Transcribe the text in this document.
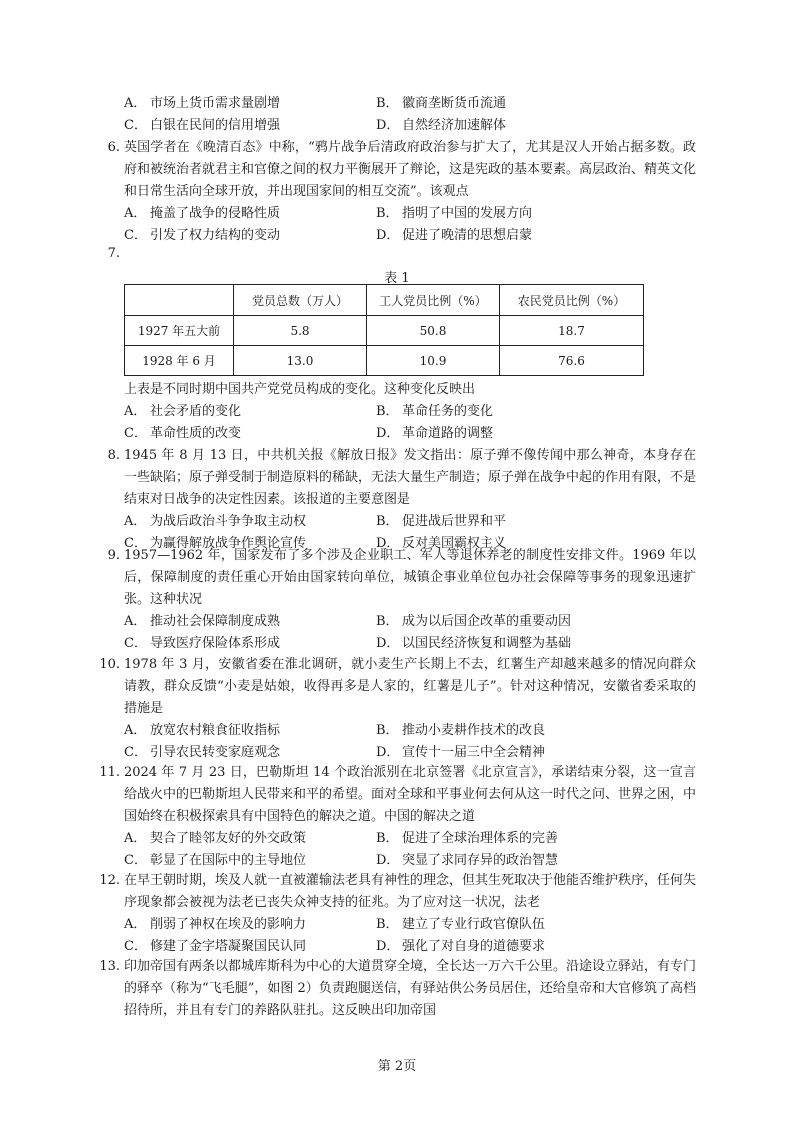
A． 市场上货币需求量剧增	B． 徽商垄断货币流通
C． 白银在民间的信用增强	D． 自然经济加速解体
6. 英国学者在《晚清百态》中称，“鸦片战争后清政府政治参与扩大了，尤其是汉人开始占据多数。政府和被统治者就君主和官僚之间的权力平衡展开了辩论，这是宪政的基本要素。高层政治、精英文化和日常生活向全球开放，并出现国家间的相互交流”。该观点
A． 掩盖了战争的侵略性质	B． 指明了中国的发展方向
C． 引发了权力结构的变动	D． 促进了晚清的思想启蒙
7.
表 1
	党员总数（万人）	工人党员比例（%）	农民党员比例（%）
1927 年五大前	5.8	50.8	18.7
1928 年 6 月	13.0	10.9	76.6
上表是不同时期中国共产党党员构成的变化。这种变化反映出
A． 社会矛盾的变化	B． 革命任务的变化
C． 革命性质的改变	D． 革命道路的调整
8. 1945 年 8 月 13 日，中共机关报《解放日报》发文指出：原子弹不像传闻中那么神奇，本身存在一些缺陷；原子弹受制于制造原料的稀缺，无法大量生产制造；原子弹在战争中起的作用有限，不是结束对日战争的决定性因素。该报道的主要意图是
A． 为战后政治斗争争取主动权	B． 促进战后世界和平
C． 为赢得解放战争作舆论宣传	D． 反对美国霸权主义
9. 1957—1962 年，国家发布了多个涉及企业职工、军人等退休养老的制度性安排文件。1969 年以后，保障制度的责任重心开始由国家转向单位，城镇企事业单位包办社会保障等事务的现象迅速扩张。这种状况
A． 推动社会保障制度成熟	B． 成为以后国企改革的重要动因
C． 导致医疗保险体系形成	D． 以国民经济恢复和调整为基础
10. 1978 年 3 月，安徽省委在淮北调研，就小麦生产长期上不去，红薯生产却越来越多的情况向群众请教，群众反馈“小麦是姑娘，收得再多是人家的，红薯是儿子”。针对这种情况，安徽省委采取的措施是
A． 放宽农村粮食征收指标	B． 推动小麦耕作技术的改良
C． 引导农民转变家庭观念	D． 宣传十一届三中全会精神
11. 2024 年 7 月 23 日，巴勒斯坦 14 个政治派别在北京签署《北京宣言》，承诺结束分裂，这一宣言给战火中的巴勒斯坦人民带来和平的希望。面对全球和平事业何去何从这一时代之问、世界之困，中国始终在积极探索具有中国特色的解决之道。中国的解决之道
A． 契合了睦邻友好的外交政策	B． 促进了全球治理体系的完善
C． 彰显了在国际中的主导地位	D． 突显了求同存异的政治智慧
12. 在早王朝时期，埃及人就一直被灌输法老具有神性的理念，但其生死取决于他能否维护秩序，任何失序现象都会被视为法老已丧失众神支持的征兆。为了应对这一状况，法老
A． 削弱了神权在埃及的影响力	B． 建立了专业行政官僚队伍
C． 修建了金字塔凝聚国民认同	D． 强化了对自身的道德要求
13. 印加帝国有两条以都城库斯科为中心的大道贯穿全境，全长达一万六千公里。沿途设立驿站，有专门的驿卒（称为“飞毛腿”，如图 2）负责跑腿送信，有驿站供公务员居住，还给皇帝和大官修筑了高档招待所，并且有专门的养路队驻扎。这反映出印加帝国
第 2页
